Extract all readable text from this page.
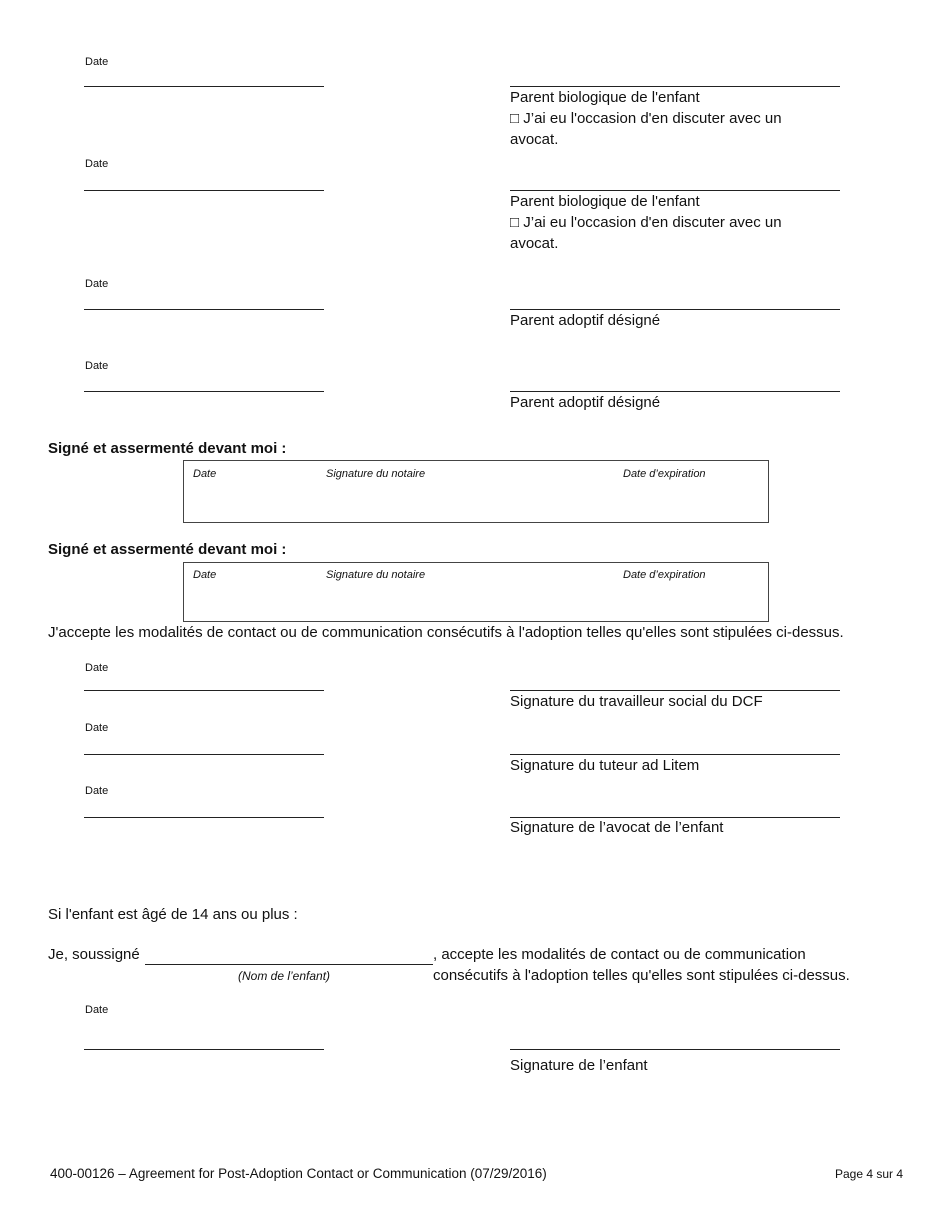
Date
Parent biologique de l'enfant
□ J’ai eu l'occasion d'en discuter avec un avocat.
Date
Parent biologique de l'enfant
□ J’ai eu l'occasion d'en discuter avec un avocat.
Date
Parent adoptif désigné
Date
Parent adoptif désigné
Signé et assermenté devant moi :
Date	Signature du notaire	Date d’expiration
Signé et assermenté devant moi :
Date	Signature du notaire	Date d’expiration
J'accepte les modalités de contact ou de communication consécutifs à l'adoption telles qu'elles sont stipulées ci-dessus.
Date
Signature du travailleur social du DCF
Date
Signature du tuteur ad Litem
Date
Signature de l’avocat de l’enfant
Si l'enfant est âgé de 14 ans ou plus :
Je, soussigné
(Nom de l’enfant)
, accepte les modalités de contact ou de communication
consécutifs à l'adoption telles qu'elles sont stipulées ci-dessus.
Date
Signature de l’enfant
400-00126 – Agreement for Post-Adoption Contact or Communication (07/29/2016)	Page 4 sur 4
